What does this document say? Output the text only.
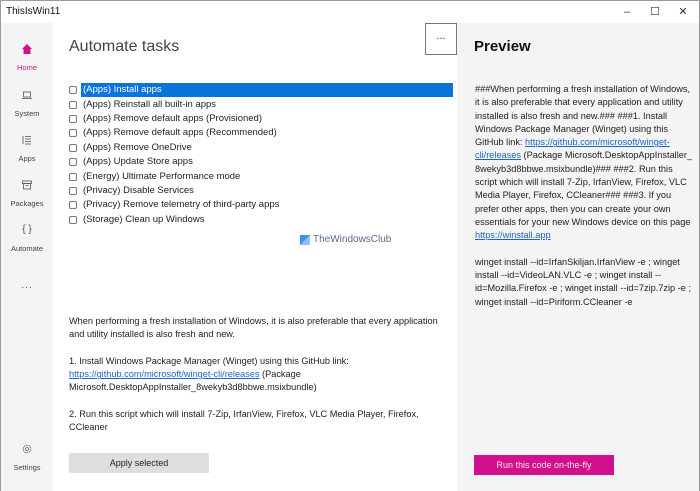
ThisIsWin11	–	☐	✕
Home
System
Apps
Packages
{ }
Automate
...
Settings
Automate tasks
...
(Apps) Install apps
(Apps) Reinstall all built-in apps
(Apps) Remove default apps (Provisioned)
(Apps) Remove default apps (Recommended)
(Apps) Remove OneDrive
(Apps) Update Store apps
(Energy) Ultimate Performance mode
(Privacy) Disable Services
(Privacy) Remove telemetry of third-party apps
(Storage) Clean up Windows
TheWindowsClub

When performing a fresh installation of Windows, it is also preferable that every application and utility installed is also fresh and new.

1. Install Windows Package Manager (Winget) using this GitHub link: https://github.com/microsoft/winget-cli/releases (Package Microsoft.DesktopAppInstaller_8wekyb3d8bbwe.msixbundle)

2. Run this script which will install 7-Zip, IrfanView, Firefox, VLC Media Player, Firefox, CCleaner

Apply selected
Preview

###When performing a fresh installation of Windows, it is also preferable that every application and utility installed is also fresh and new.### ###1. Install Windows Package Manager (Winget) using this GitHub link: https://github.com/microsoft/winget-cli/releases (Package Microsoft.DesktopAppInstaller_ 8wekyb3d8bbwe.msixbundle)### ###2. Run this script which will install 7-Zip, IrfanView, Firefox, VLC Media Player, Firefox, CCleaner### ###3. If you prefer other apps, then you can create your own essentials for your new Windows device on this page https://winstall.app

winget install --id=IrfanSkiljan.IrfanView -e ; winget install --id=VideoLAN.VLC -e ; winget install --id=Mozilla.Firefox -e ; winget install --id=7zip.7zip -e ; winget install --id=Piriform.CCleaner -e

Run this code on-the-fly
